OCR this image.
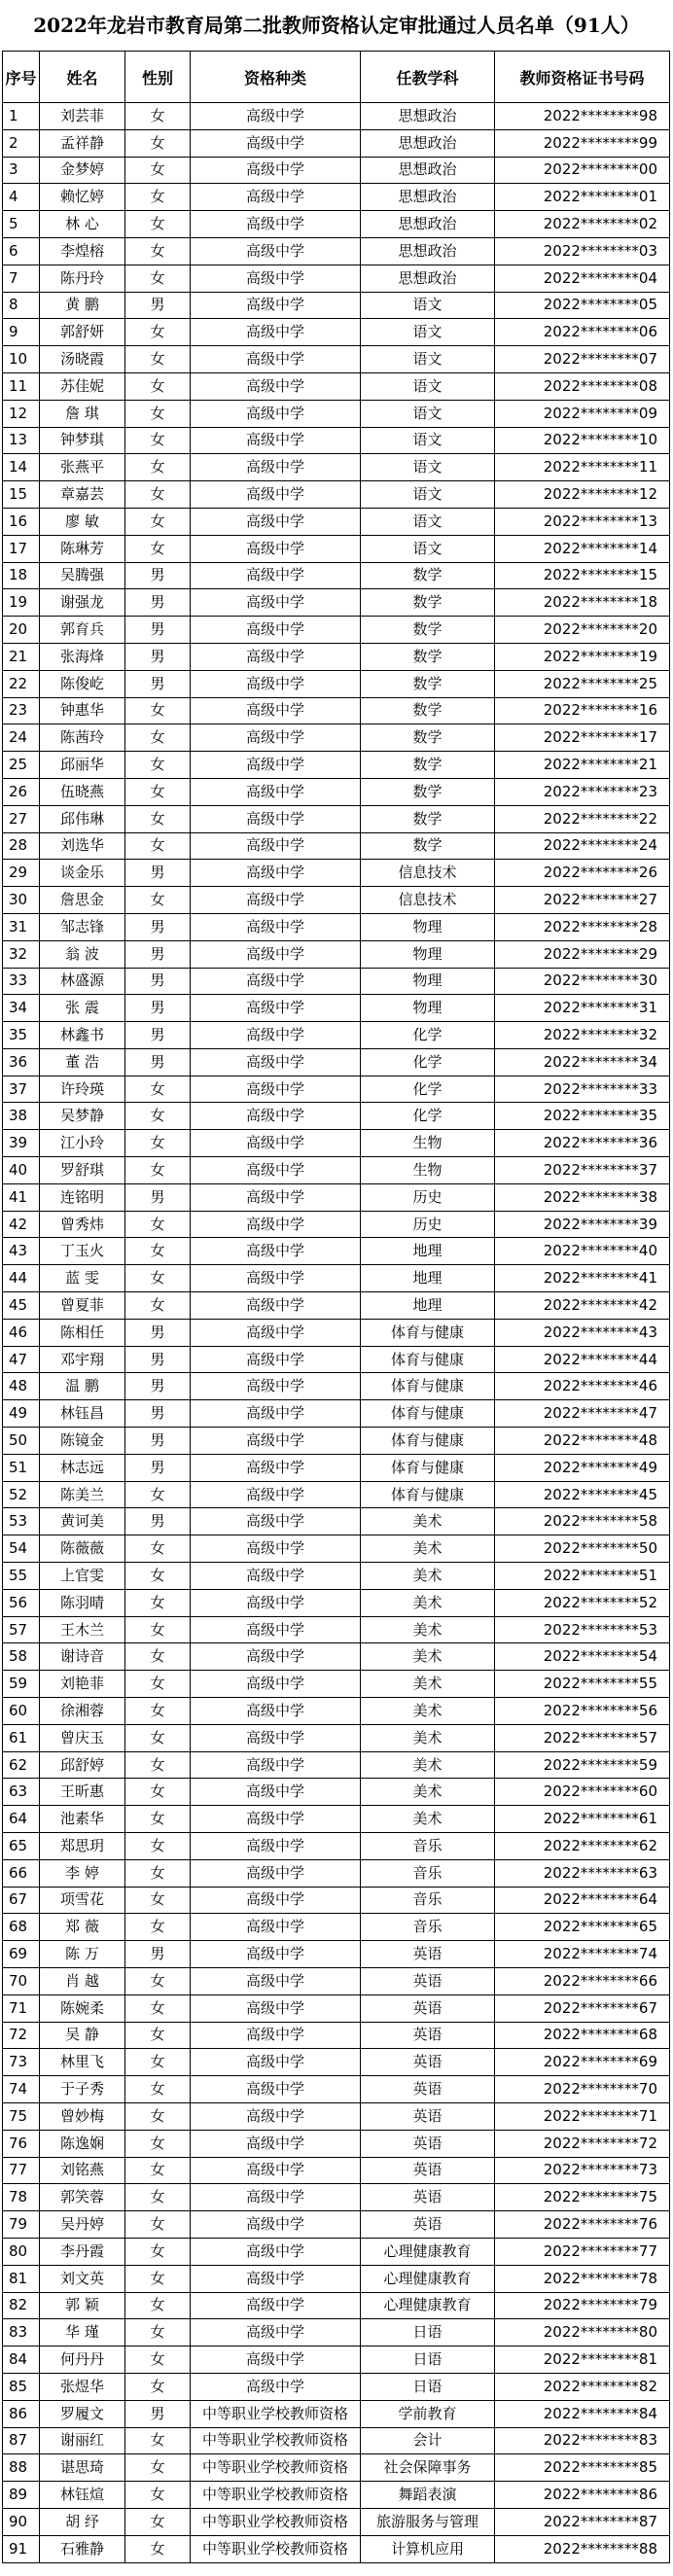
2022年龙岩市教育局第二批教师资格认定审批通过人员名单（91人）
序号	姓名	性别	资格种类	任教学科	教师资格证书号码
1	刘芸菲	女	高级中学	思想政治	2022********98
2	孟祥静	女	高级中学	思想政治	2022********99
3	金梦婷	女	高级中学	思想政治	2022********00
4	赖忆婷	女	高级中学	思想政治	2022********01
5	林 心	女	高级中学	思想政治	2022********02
6	李煌榕	女	高级中学	思想政治	2022********03
7	陈丹玲	女	高级中学	思想政治	2022********04
8	黄 鹏	男	高级中学	语文	2022********05
9	郭舒妍	女	高级中学	语文	2022********06
10	汤晓霞	女	高级中学	语文	2022********07
11	苏佳妮	女	高级中学	语文	2022********08
12	詹 琪	女	高级中学	语文	2022********09
13	钟梦琪	女	高级中学	语文	2022********10
14	张燕平	女	高级中学	语文	2022********11
15	章嘉芸	女	高级中学	语文	2022********12
16	廖 敏	女	高级中学	语文	2022********13
17	陈琳芳	女	高级中学	语文	2022********14
18	吴腾强	男	高级中学	数学	2022********15
19	谢强龙	男	高级中学	数学	2022********18
20	郭育兵	男	高级中学	数学	2022********20
21	张海烽	男	高级中学	数学	2022********19
22	陈俊屹	男	高级中学	数学	2022********25
23	钟惠华	女	高级中学	数学	2022********16
24	陈茜玲	女	高级中学	数学	2022********17
25	邱丽华	女	高级中学	数学	2022********21
26	伍晓燕	女	高级中学	数学	2022********23
27	邱伟琳	女	高级中学	数学	2022********22
28	刘选华	女	高级中学	数学	2022********24
29	谈金乐	男	高级中学	信息技术	2022********26
30	詹思金	女	高级中学	信息技术	2022********27
31	邹志锋	男	高级中学	物理	2022********28
32	翁 波	男	高级中学	物理	2022********29
33	林盛源	男	高级中学	物理	2022********30
34	张 震	男	高级中学	物理	2022********31
35	林鑫书	男	高级中学	化学	2022********32
36	董 浩	男	高级中学	化学	2022********34
37	许玲瑛	女	高级中学	化学	2022********33
38	吴梦静	女	高级中学	化学	2022********35
39	江小玲	女	高级中学	生物	2022********36
40	罗舒琪	女	高级中学	生物	2022********37
41	连铭明	男	高级中学	历史	2022********38
42	曾秀炜	女	高级中学	历史	2022********39
43	丁玉火	女	高级中学	地理	2022********40
44	蓝 雯	女	高级中学	地理	2022********41
45	曾夏菲	女	高级中学	地理	2022********42
46	陈相任	男	高级中学	体育与健康	2022********43
47	邓宇翔	男	高级中学	体育与健康	2022********44
48	温 鹏	男	高级中学	体育与健康	2022********46
49	林钰昌	男	高级中学	体育与健康	2022********47
50	陈镜金	男	高级中学	体育与健康	2022********48
51	林志远	男	高级中学	体育与健康	2022********49
52	陈美兰	女	高级中学	体育与健康	2022********45
53	黄诃美	男	高级中学	美术	2022********58
54	陈薇薇	女	高级中学	美术	2022********50
55	上官雯	女	高级中学	美术	2022********51
56	陈羽晴	女	高级中学	美术	2022********52
57	王木兰	女	高级中学	美术	2022********53
58	谢诗音	女	高级中学	美术	2022********54
59	刘艳菲	女	高级中学	美术	2022********55
60	徐湘蓉	女	高级中学	美术	2022********56
61	曾庆玉	女	高级中学	美术	2022********57
62	邱舒婷	女	高级中学	美术	2022********59
63	王昕惠	女	高级中学	美术	2022********60
64	池素华	女	高级中学	美术	2022********61
65	郑思玥	女	高级中学	音乐	2022********62
66	李 婷	女	高级中学	音乐	2022********63
67	项雪花	女	高级中学	音乐	2022********64
68	郑 薇	女	高级中学	音乐	2022********65
69	陈 万	男	高级中学	英语	2022********74
70	肖 越	女	高级中学	英语	2022********66
71	陈婉柔	女	高级中学	英语	2022********67
72	吴 静	女	高级中学	英语	2022********68
73	林里飞	女	高级中学	英语	2022********69
74	于子秀	女	高级中学	英语	2022********70
75	曾妙梅	女	高级中学	英语	2022********71
76	陈逸娴	女	高级中学	英语	2022********72
77	刘铭燕	女	高级中学	英语	2022********73
78	郭笑蓉	女	高级中学	英语	2022********75
79	吴丹婷	女	高级中学	英语	2022********76
80	李丹霞	女	高级中学	心理健康教育	2022********77
81	刘文英	女	高级中学	心理健康教育	2022********78
82	郭 颖	女	高级中学	心理健康教育	2022********79
83	华 瑾	女	高级中学	日语	2022********80
84	何丹丹	女	高级中学	日语	2022********81
85	张煜华	女	高级中学	日语	2022********82
86	罗履文	男	中等职业学校教师资格	学前教育	2022********84
87	谢丽红	女	中等职业学校教师资格	会计	2022********83
88	谌思琦	女	中等职业学校教师资格	社会保障事务	2022********85
89	林钰煊	女	中等职业学校教师资格	舞蹈表演	2022********86
90	胡 纾	女	中等职业学校教师资格	旅游服务与管理	2022********87
91	石雅静	女	中等职业学校教师资格	计算机应用	2022********88
